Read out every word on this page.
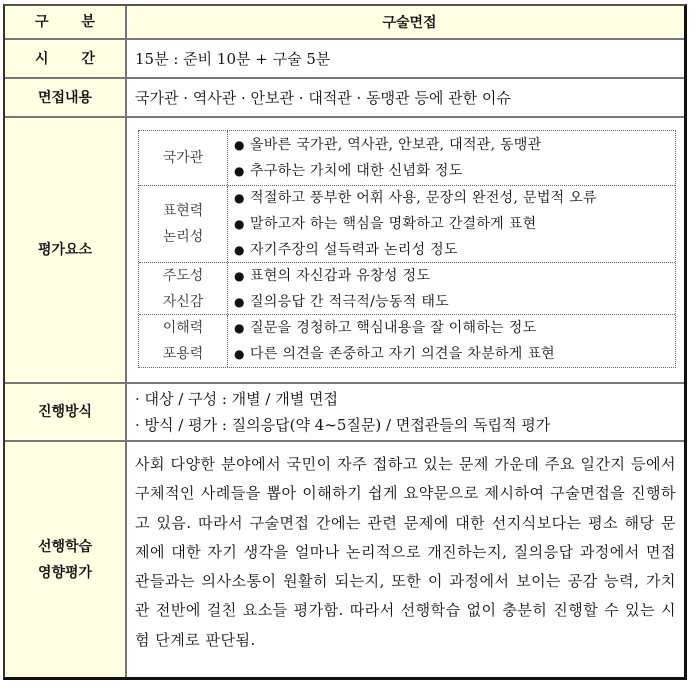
구 분	구술면접
시 간 15분 : 준비 10분 + 구술 5분
면접내용	국가관 · 역사관 · 안보관 · 대적관 · 동맹관 등에 관한 이슈
평가요소
국가관
● 올바른 국가관, 역사관, 안보관, 대적관, 동맹관
● 추구하는 가치에 대한 신념화 정도
표현력
논리성
● 적절하고 풍부한 어휘 사용, 문장의 완전성, 문법적 오류
● 말하고자 하는 핵심을 명확하고 간결하게 표현
● 자기주장의 설득력과 논리성 정도
주도성
자신감
● 표현의 자신감과 유창성 정도
● 질의응답 간 적극적/능동적 태도
이해력
포용력
● 질문을 경청하고 핵심내용을 잘 이해하는 정도
● 다른 의견을 존중하고 자기 의견을 차분하게 표현
진행방식
· 대상 / 구성 : 개별 / 개별 면접
· 방식 / 평가 : 질의응답(약 4~5질문) / 면접관들의 독립적 평가
선행학습
영향평가
사회 다양한 분야에서 국민이 자주 접하고 있는 문제 가운데 주요 일간지 등에서 구체적인 사례들을 뽑아 이해하기 쉽게 요약문으로 제시하여 구술면접을 진행하고 있음. 따라서 구술면접 간에는 관련 문제에 대한 선지식보다는 평소 해당 문제에 대한 자기 생각을 얼마나 논리적으로 개진하는지, 질의응답 과정에서 면접관들과는 의사소통이 원활히 되는지, 또한 이 과정에서 보이는 공감 능력, 가치관 전반에 걸친 요소들 평가함. 따라서 선행학습 없이 충분히 진행할 수 있는 시험 단계로 판단됨.
